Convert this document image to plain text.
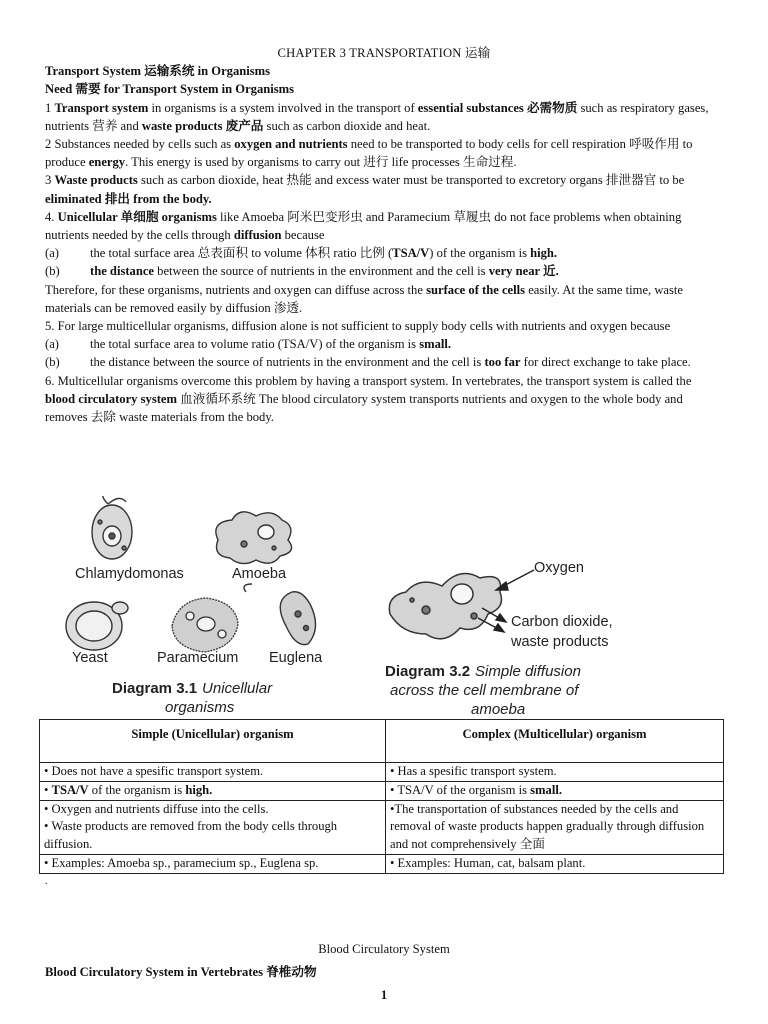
CHAPTER 3 TRANSPORTATION 运输

Transport System 运输系统 in Organisms

Need 需要 for Transport System in Organisms

1 Transport system in organisms is a system involved in the transport of essential substances 必需物质 such as respiratory gases, nutrients 营养 and waste products 废产品 such as carbon dioxide and heat.

2 Substances needed by cells such as oxygen and nutrients need to be transported to body cells for cell respiration 呼吸作用 to produce energy. This energy is used by organisms to carry out 进行 life processes 生命过程.

3 Waste products such as carbon dioxide, heat 热能 and excess water must be transported to excretory organs 排泄器官 to be eliminated 排出 from the body.

4. Unicellular 单细胞 organisms like Amoeba 阿米巴变形虫 and Paramecium 草履虫 do not face problems when obtaining nutrients needed by the cells through diffusion because

(a)	the total surface area 总表面积 to volume 体积 ratio 比例 (TSA/V) of the organism is high.
(b)	the distance between the source of nutrients in the environment and the cell is very near 近.

Therefore, for these organisms, nutrients and oxygen can diffuse across the surface of the cells easily. At the same time, waste materials can be removed easily by diffusion 渗透.

5. For large multicellular organisms, diffusion alone is not sufficient to supply body cells with nutrients and oxygen because

(a)	the total surface area to volume ratio (TSA/V) of the organism is small.
(b)	the distance between the source of nutrients in the environment and the cell is too far for direct exchange to take place.

6. Multicellular organisms overcome this problem by having a transport system. In vertebrates, the transport system is called the blood circulatory system 血液循环系统 The blood circulatory system transports nutrients and oxygen to the whole body and removes 去除 waste materials from the body.

Chlamydomonas	Amoeba
Yeast	Paramecium Euglena
Diagram 3.1 Unicellular
organisms
Oxygen
Carbon dioxide,
waste products
Diagram 3.2 Simple diffusion
across the cell membrane of
amoeba
Simple (Unicellular) organism	Complex (Multicellular) organism
• Does not have a spesific transport system.	• Has a spesific transport system.
• TSA/V of the organism is high.	• TSA/V of the organism is small.

• Oxygen and nutrients diffuse into the cells.
• Waste products are removed from the body cells through diffusion.	•The transportation of substances needed by the cells and removal of waste products happen gradually through diffusion and not comprehensively 全面
• Examples: Amoeba sp., paramecium sp., Euglena sp.	• Examples: Human, cat, balsam plant.
.
Blood Circulatory System
Blood Circulatory System in Vertebrates 脊椎动物
1
